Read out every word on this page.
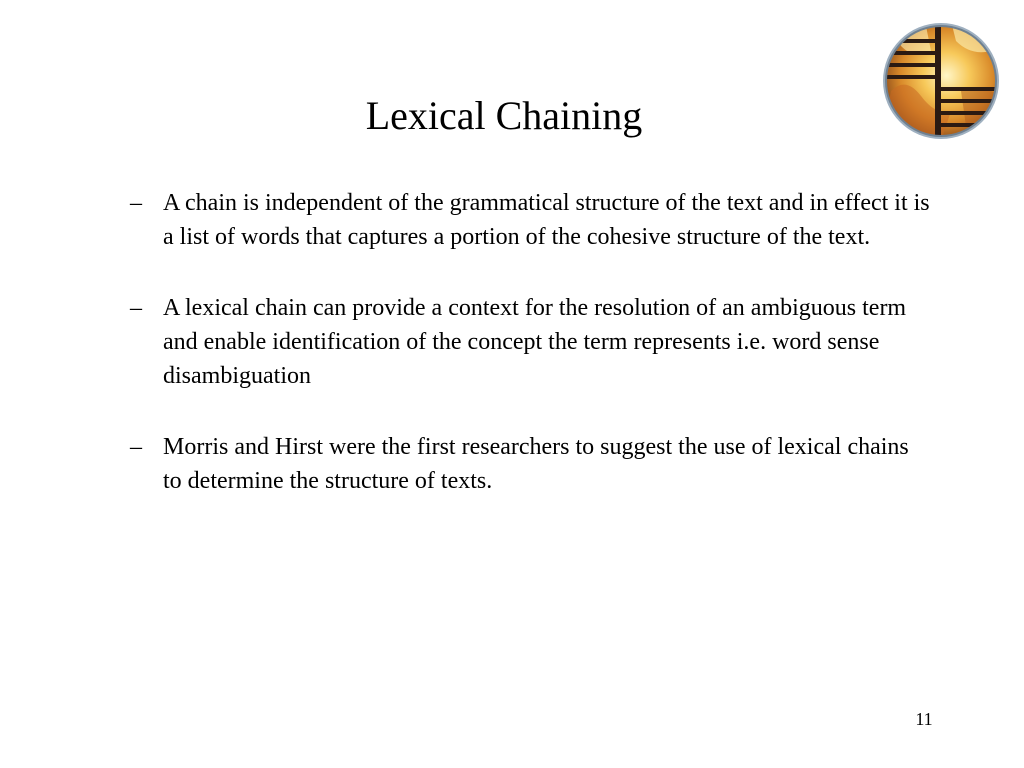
Lexical Chaining
– A chain is independent of the grammatical structure of the text and in effect it is a list of words that captures a portion of the cohesive structure of the text.
– A lexical chain can provide a context for the resolution of an ambiguous term and enable identification of the concept the term represents i.e. word sense disambiguation
– Morris and Hirst were the first researchers to suggest the use of lexical chains to determine the structure of texts.
11
